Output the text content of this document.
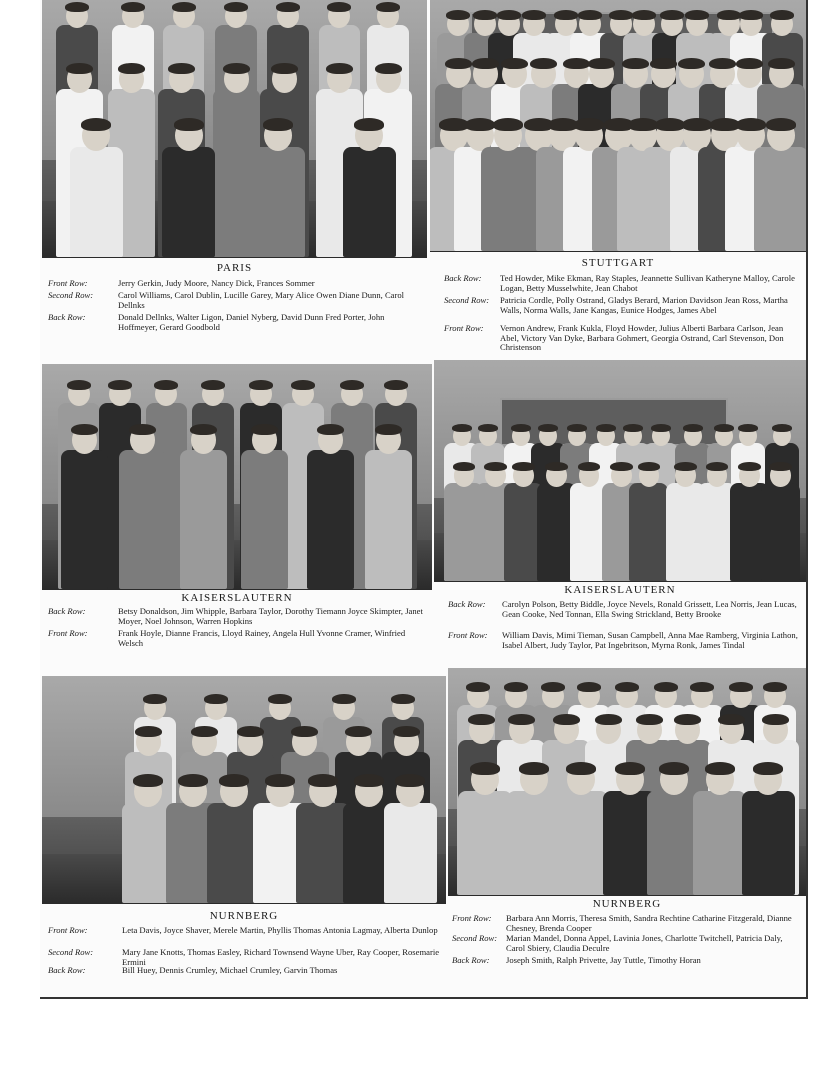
PARIS
Front Row:	Jerry Gerkin, Judy Moore, Nancy Dick, Frances Sommer
Second Row:	Carol Williams, Carol Dublin, Lucille Garey, Mary Alice Owen Diane Dunn, Carol Dellnks
Back Row:	Donald Dellnks, Walter Ligon, Daniel Nyberg, David Dunn Fred Porter, John Hoffmeyer, Gerard Goodbold
STUTTGART
Back Row:	Ted Howder, Mike Ekman, Ray Staples, Jeannette Sullivan Katheryne Malloy, Carole Logan, Betty Musselwhite, Jean Chabot
Second Row:	Patricia Cordle, Polly Ostrand, Gladys Berard, Marion Davidson Jean Ross, Martha Walls, Norma Walls, Jane Kangas, Eunice Hodges, James Abel
Front Row:	Vernon Andrew, Frank Kukla, Floyd Howder, Julius Alberti Barbara Carlson, Jean Abel, Victory Van Dyke, Barbara Gohmert, Georgia Ostrand, Carl Stevenson, Don Christenson
KAISERSLAUTERN
Back Row:	Betsy Donaldson, Jim Whipple, Barbara Taylor, Dorothy Tiemann Joyce Skimpter, Janet Moyer, Noel Johnson, Warren Hopkins
Front Row:	Frank Hoyle, Dianne Francis, Lloyd Rainey, Angela Hull Yvonne Cramer, Winfried Welsch
KAISERSLAUTERN
Back Row:	Carolyn Polson, Betty Biddle, Joyce Nevels, Ronald Grissett, Lea Norris, Jean Lucas, Gean Cooke, Ned Tonnan, Ella Swing Strickland, Betty Brooke
Front Row:	William Davis, Mimi Tieman, Susan Campbell, Anna Mae Ramberg, Virginia Lathon, Isabel Albert, Judy Taylor, Pat Ingebritson, Myrna Ronk, James Tindal
NURNBERG
Front Row:	Leta Davis, Joyce Shaver, Merele Martin, Phyllis Thomas Antonia Lagmay, Alberta Dunlop
Second Row:	Mary Jane Knotts, Thomas Easley, Richard Townsend Wayne Uber, Ray Cooper, Rosemarie Ermini
Back Row:	Bill Huey, Dennis Crumley, Michael Crumley, Garvin Thomas
NURNBERG
Front Row:	Barbara Ann Morris, Theresa Smith, Sandra Rechtine Catharine Fitzgerald, Dianne Chesney, Brenda Cooper
Second Row:	Marian Mandel, Donna Appel, Lavinia Jones, Charlotte Twitchell, Patricia Daly, Carol Sbiery, Claudia Deculre
Back Row:	Joseph Smith, Ralph Privette, Jay Tuttle, Timothy Horan
